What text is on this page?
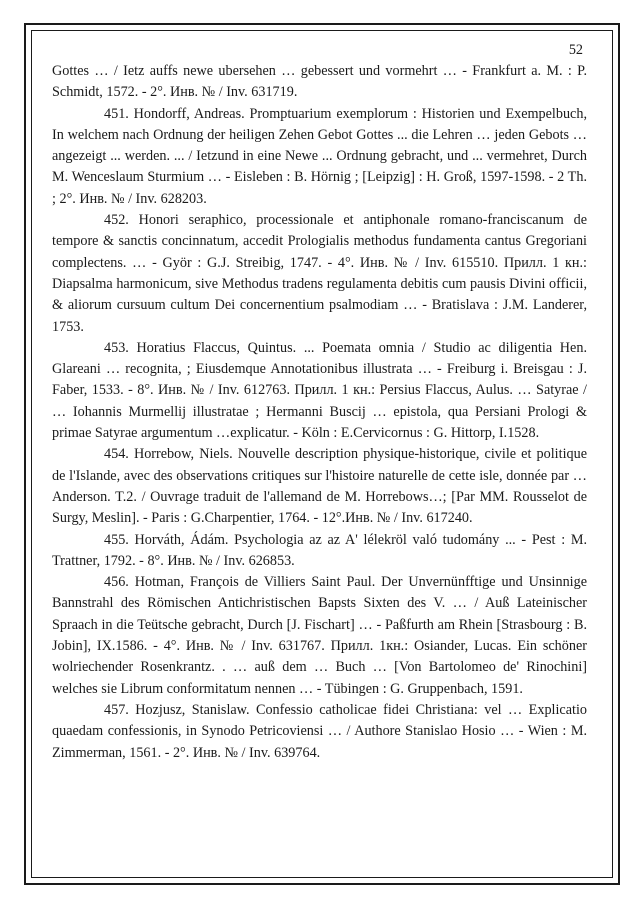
52

Gottes … / Ietz auffs newe ubersehen … gebessert und vormehrt … - Frankfurt a. M. : P. Schmidt, 1572. - 2°. Инв. № / Inv. 631719.

451. Hondorff, Andreas. Promptuarium exemplorum : Historien und Exempelbuch, In welchem nach Ordnung der heiligen Zehen Gebot Gottes ... die Lehren … jeden Gebots … angezeigt ... werden. ... / Ietzund in eine Newe ... Ordnung gebracht, und ... vermehret, Durch M. Wenceslaum Sturmium … - Eisleben : B. Hörnig ; [Leipzig] : H. Groß, 1597-1598. - 2 Th. ; 2°. Инв. № / Inv. 628203.

452. Honori seraphico, processionale et antiphonale romano-franciscanum de tempore & sanctis concinnatum, accedit Prologialis methodus fundamenta cantus Gregoriani complectens. … - Györ : G.J. Streibig, 1747. - 4°. Инв. № / Inv. 615510. Прилл. 1 кн.: Diapsalma harmonicum, sive Methodus tradens regulamenta debitis cum pausis Divini officii, & aliorum cursuum cultum Dei concernentium psalmodiam … - Bratislava : J.M. Landerer, 1753.

453. Horatius Flaccus, Quintus. ... Poemata omnia / Studio ac diligentia Hen. Glareani … recognita, ; Eiusdemque Annotationibus illustrata … - Freiburg i. Breisgau : J. Faber, 1533. - 8°. Инв. № / Inv. 612763. Прилл. 1 кн.: Persius Flaccus, Aulus. … Satyrae / … Iohannis Murmellij illustratae ; Hermanni Buscij … epistola, qua Persiani Prologi & primae Satyrae argumentum …explicatur. - Köln : E.Cervicornus : G. Hittorp, I.1528.

454. Horrebow, Niels. Nouvelle description physique-historique, civile et politique de l'Islande, avec des observations critiques sur l'histoire naturelle de cette isle, donnée par … Anderson. T.2. / Ouvrage traduit de l'allemand de M. Horrebows…; [Par MM. Rousselot de Surgy, Meslin]. - Paris : G.Charpentier, 1764. - 12°.Инв. № / Inv. 617240.

455. Horváth, Ádám. Psychologia az az A' lélekröl való tudomány ... - Pest : M. Trattner, 1792. - 8°. Инв. № / Inv. 626853.

456. Hotman, François de Villiers Saint Paul. Der Unvernünfftige und Unsinnige Bannstrahl des Römischen Antichristischen Bapsts Sixten des V. … / Auß Lateinischer Spraach in die Teütsche gebracht, Durch [J. Fischart] … - Paßfurth am Rhein [Strasbourg : B. Jobin], IX.1586. - 4°. Инв. № / Inv. 631767. Прилл. 1кн.: Osiander, Lucas. Ein schöner wolriechender Rosenkrantz. . … auß dem … Buch … [Von Bartolomeo de' Rinochini] welches sie Librum conformitatum nennen … - Tübingen : G. Gruppenbach, 1591.

457. Hozjusz, Stanislaw. Confessio catholicae fidei Christiana: vel … Explicatio quaedam confessionis, in Synodo Petricoviensi … / Authore Stanislao Hosio … - Wien : M. Zimmerman, 1561. - 2°. Инв. № / Inv. 639764.
